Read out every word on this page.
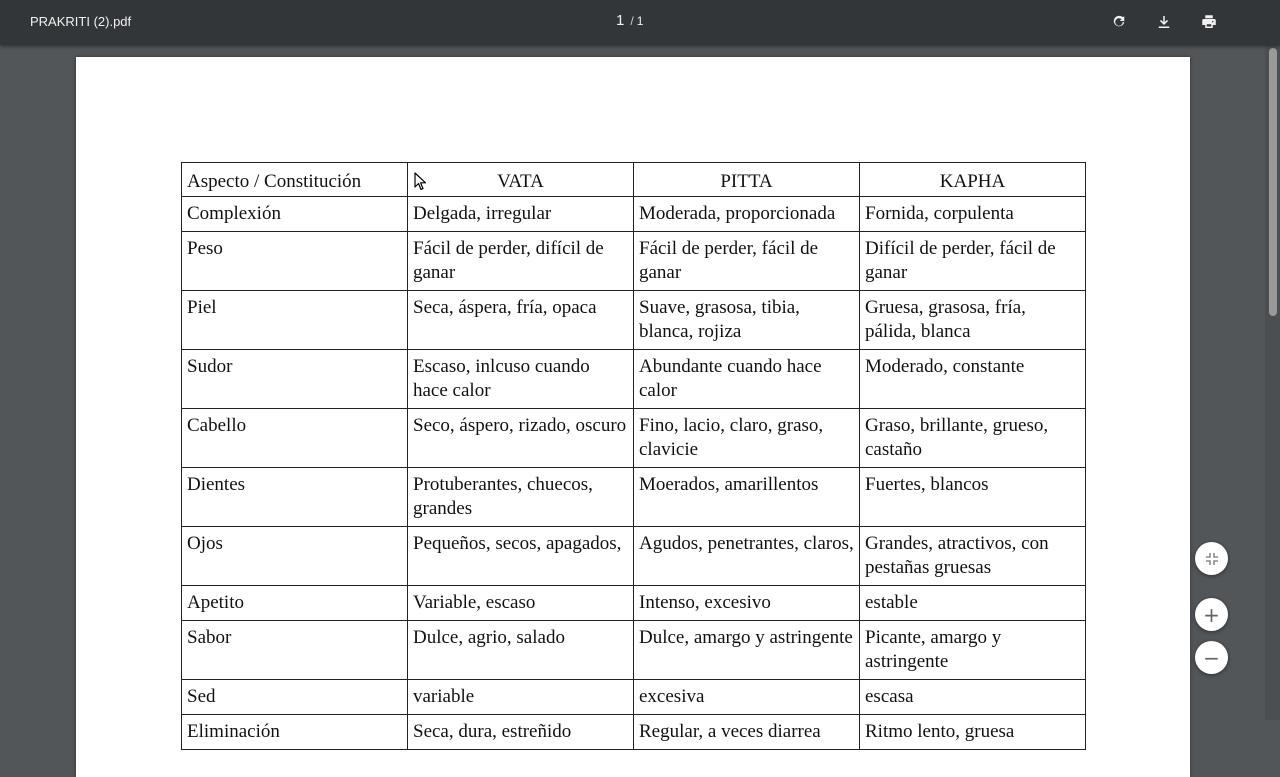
PRAKRITI (2).pdf	1 / 1
Aspecto / Constitución	VATA	PITTA	KAPHA
Complexión	Delgada, irregular	Moderada, proporcionada	Fornida, corpulenta
Peso	Fácil de perder, difícil de ganar	Fácil de perder, fácil de ganar	Difícil de perder, fácil de ganar
Piel	Seca, áspera, fría, opaca	Suave, grasosa, tibia, blanca, rojiza	Gruesa, grasosa, fría, pálida, blanca
Sudor	Escaso, inlcuso cuando hace calor	Abundante cuando hace calor	Moderado, constante
Cabello	Seco, áspero, rizado, oscuro	Fino, lacio, claro, graso, clavicie	Graso, brillante, grueso, castaño
Dientes	Protuberantes, chuecos, grandes	Moerados, amarillentos	Fuertes, blancos
Ojos	Pequeños, secos, apagados,	Agudos, penetrantes, claros,	Grandes, atractivos, con pestañas gruesas
Apetito	Variable, escaso	Intenso, excesivo	estable
Sabor	Dulce, agrio, salado	Dulce, amargo y astringente	Picante, amargo y astringente
Sed	variable	excesiva	escasa
Eliminación	Seca, dura, estreñido	Regular, a veces diarrea	Ritmo lento, gruesa
+
−
